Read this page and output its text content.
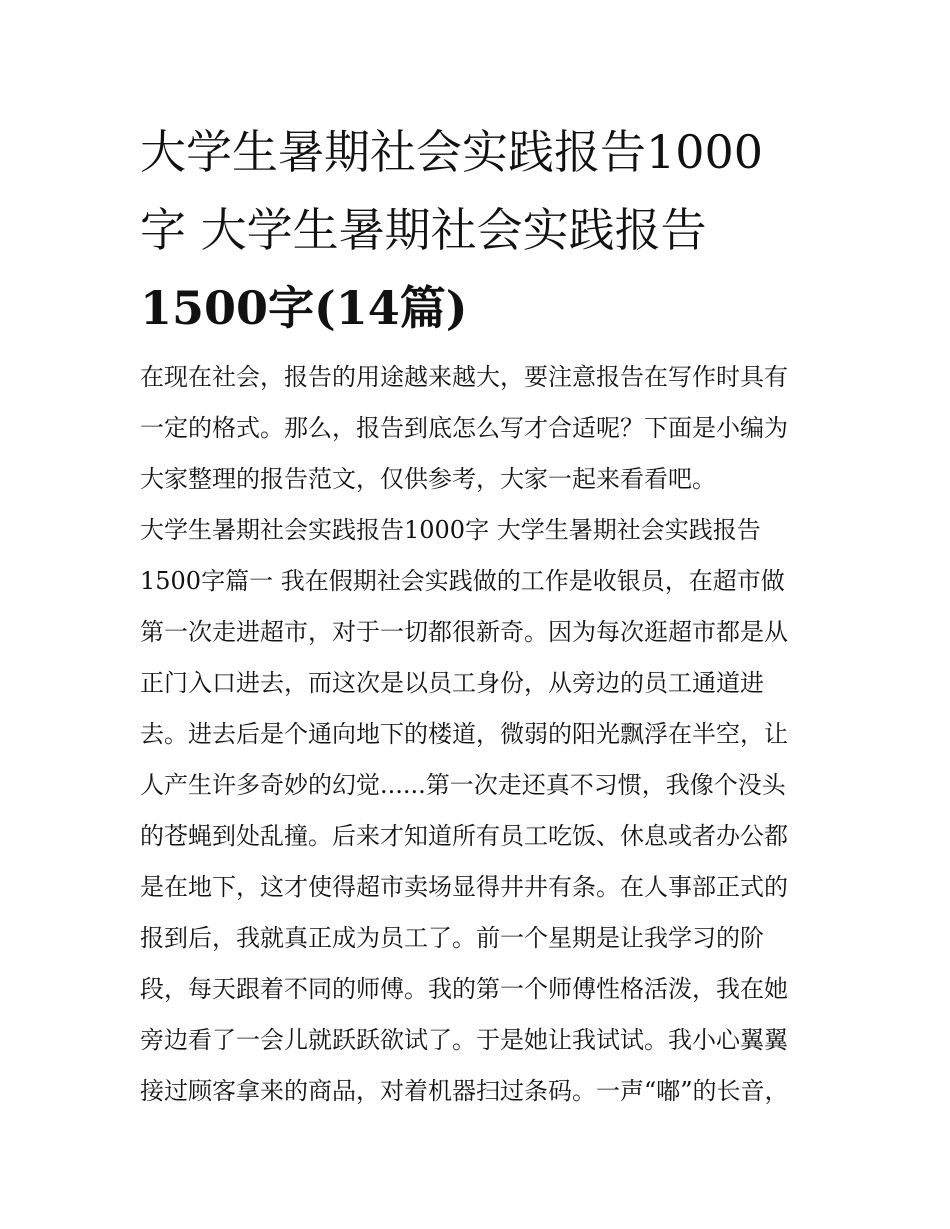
大学生暑期社会实践报告1000
字 大学生暑期社会实践报告
1500字(14篇)
在现在社会，报告的用途越来越大，要注意报告在写作时具有
一定的格式。那么，报告到底怎么写才合适呢？下面是小编为
大家整理的报告范文，仅供参考，大家一起来看看吧。
大学生暑期社会实践报告1000字 大学生暑期社会实践报告
1500字篇一 我在假期社会实践做的工作是收银员，在超市做
第一次走进超市，对于一切都很新奇。因为每次逛超市都是从
正门入口进去，而这次是以员工身份，从旁边的员工通道进
去。进去后是个通向地下的楼道，微弱的阳光飘浮在半空，让
人产生许多奇妙的幻觉......第一次走还真不习惯，我像个没头
的苍蝇到处乱撞。后来才知道所有员工吃饭、休息或者办公都
是在地下，这才使得超市卖场显得井井有条。在人事部正式的
报到后，我就真正成为员工了。前一个星期是让我学习的阶
段，每天跟着不同的师傅。我的第一个师傅性格活泼，我在她
旁边看了一会儿就跃跃欲试了。于是她让我试试。我小心翼翼
接过顾客拿来的商品，对着机器扫过条码。一声“嘟”的长音，
